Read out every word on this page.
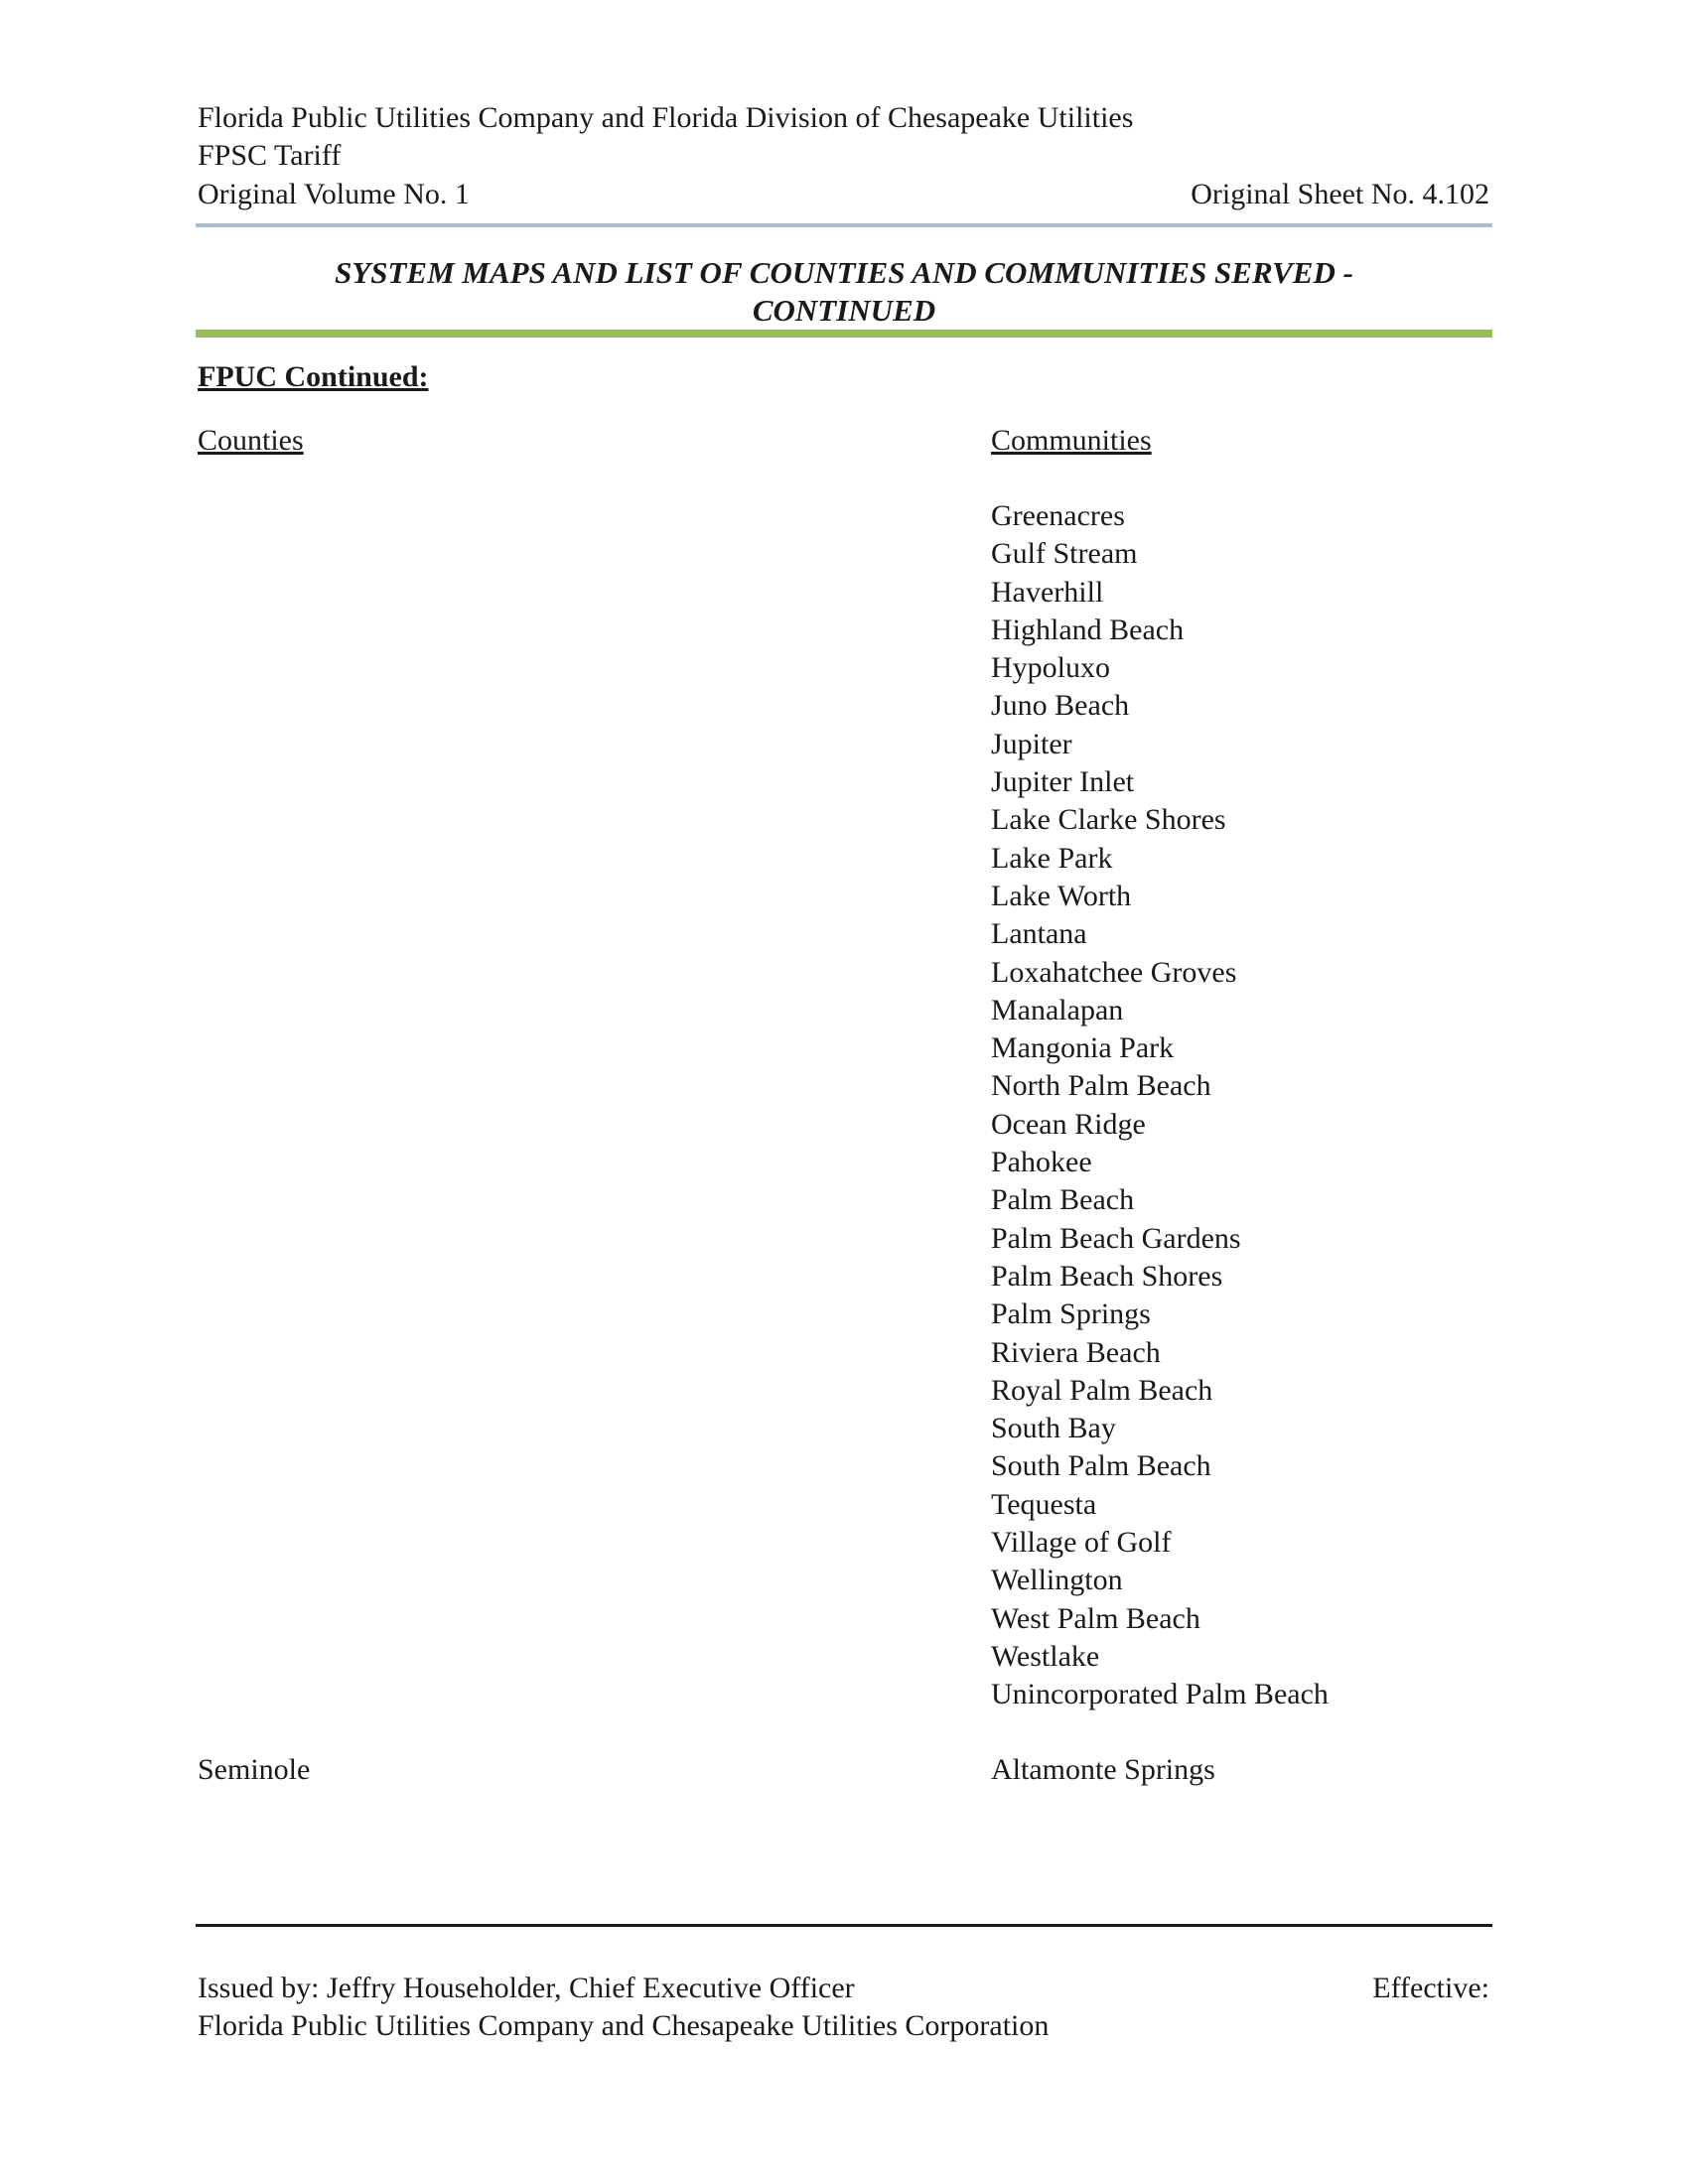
Florida Public Utilities Company and Florida Division of Chesapeake Utilities
FPSC Tariff
Original Volume No. 1	Original Sheet No. 4.102
SYSTEM MAPS AND LIST OF COUNTIES AND COMMUNITIES SERVED -
CONTINUED
FPUC Continued:
Counties	Communities
Greenacres
Gulf Stream
Haverhill
Highland Beach
Hypoluxo
Juno Beach
Jupiter
Jupiter Inlet
Lake Clarke Shores
Lake Park
Lake Worth
Lantana
Loxahatchee Groves
Manalapan
Mangonia Park
North Palm Beach
Ocean Ridge
Pahokee
Palm Beach
Palm Beach Gardens
Palm Beach Shores
Palm Springs
Riviera Beach
Royal Palm Beach
South Bay
South Palm Beach
Tequesta
Village of Golf
Wellington
West Palm Beach
Westlake
Unincorporated Palm Beach
Seminole	Altamonte Springs
Issued by: Jeffry Householder, Chief Executive Officer	Effective:
Florida Public Utilities Company and Chesapeake Utilities Corporation
